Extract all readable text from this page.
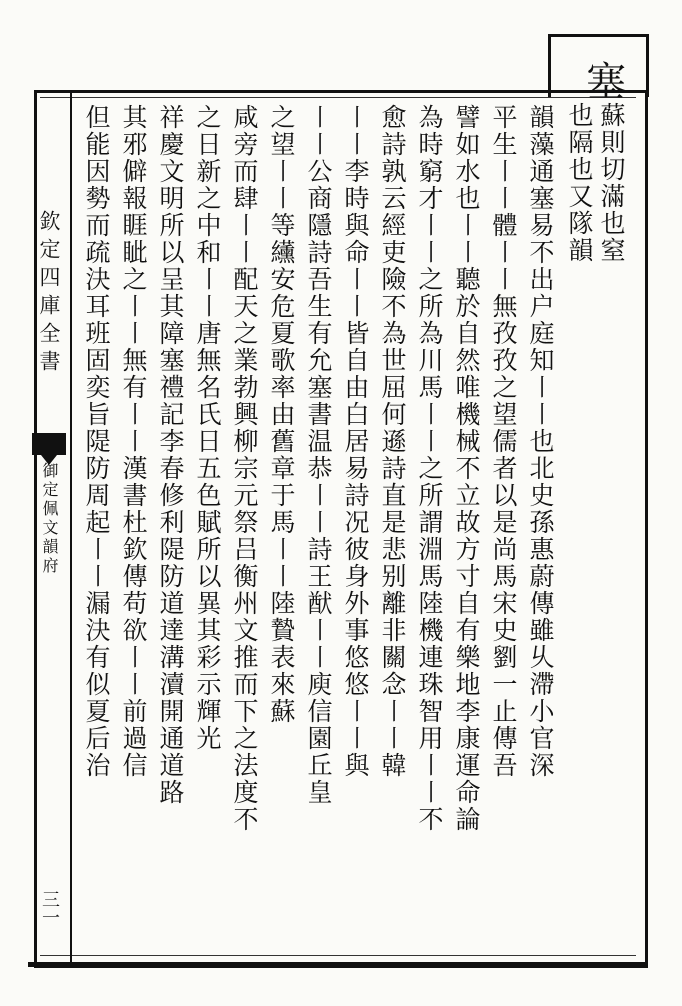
欽定四庫全書
御定佩文韻府
三一
塞
蘇則切滿也窒
也隔也又隊韻
韻藻通塞易不出户庭知〡〡也北史孫惠蔚傳雖乆滯小官深
平生〡〡體〡〡無孜孜之望儒者以是尚馬宋史劉一止傳吾
譬如水也〡〡聽於自然唯機械不立故方寸自有樂地李康運命論
為時窮才〡〡之所為川馬〡〡之所謂淵馬陸機連珠智用〡〡不
愈詩孰云經吏險不為世屈何遜詩直是悲别離非關念〡〡韓
〡〡李時與命〡〡皆自由白居易詩况彼身外事悠悠〡〡與
〡〡公商隱詩吾生有允塞書温恭〡〡詩王猷〡〡庾信園丘皇
之望〡〡等䌲安危夏歌率由舊章于馬〡〡陸贄表來蘇
咸旁而肆〡〡配天之業勃興柳宗元祭吕衡州文推而下之法度不
之日新之中和〡〡唐無名氏日五色賦所以異其彩示輝光
祥慶文明所以呈其障塞禮記李春修利隄防道達溝瀆開通道路
其邪僻報睚眦之〡〡無有〡〡漢書杜欽傳苟欲〡〡前過信
但能因勢而疏決耳班固奕旨隄防周起〡〡漏決有似夏后治
